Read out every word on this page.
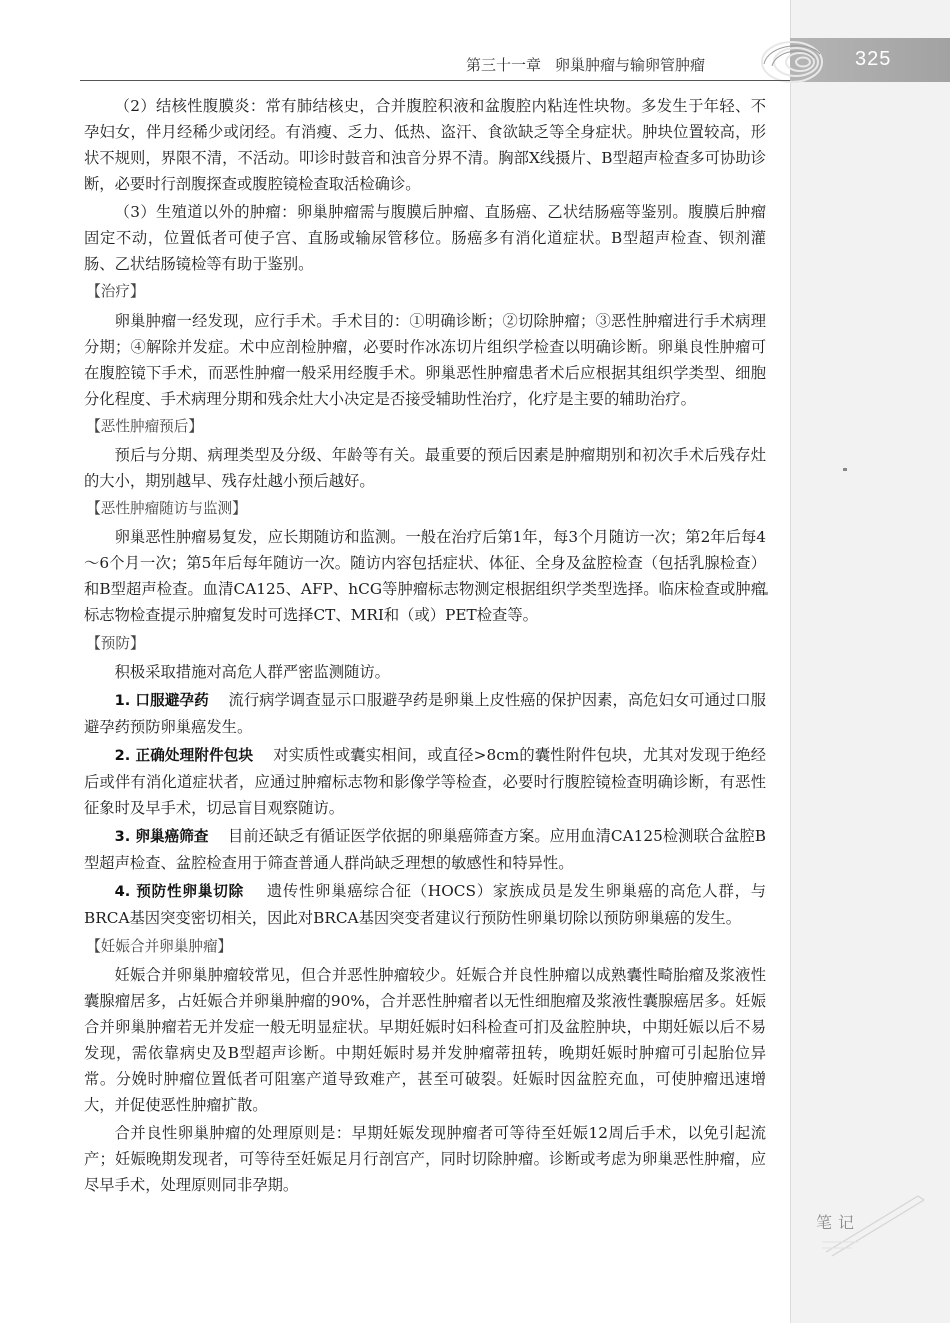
325
笔记
第三十一章 卵巢肿瘤与输卵管肿瘤

（2）结核性腹膜炎：常有肺结核史，合并腹腔积液和盆腹腔内粘连性块物。多发生于年轻、不孕妇女，伴月经稀少或闭经。有消瘦、乏力、低热、盗汗、食欲缺乏等全身症状。肿块位置较高，形状不规则，界限不清，不活动。叩诊时鼓音和浊音分界不清。胸部X线摄片、B型超声检查多可协助诊断，必要时行剖腹探查或腹腔镜检查取活检确诊。

（3）生殖道以外的肿瘤：卵巢肿瘤需与腹膜后肿瘤、直肠癌、乙状结肠癌等鉴别。腹膜后肿瘤固定不动，位置低者可使子宫、直肠或输尿管移位。肠癌多有消化道症状。B型超声检查、钡剂灌肠、乙状结肠镜检等有助于鉴别。

【治疗】

卵巢肿瘤一经发现，应行手术。手术目的：①明确诊断；②切除肿瘤；③恶性肿瘤进行手术病理分期；④解除并发症。术中应剖检肿瘤，必要时作冰冻切片组织学检查以明确诊断。卵巢良性肿瘤可在腹腔镜下手术，而恶性肿瘤一般采用经腹手术。卵巢恶性肿瘤患者术后应根据其组织学类型、细胞分化程度、手术病理分期和残余灶大小决定是否接受辅助性治疗，化疗是主要的辅助治疗。

【恶性肿瘤预后】

预后与分期、病理类型及分级、年龄等有关。最重要的预后因素是肿瘤期别和初次手术后残存灶的大小，期别越早、残存灶越小预后越好。

【恶性肿瘤随访与监测】

卵巢恶性肿瘤易复发，应长期随访和监测。一般在治疗后第1年，每3个月随访一次；第2年后每4～6个月一次；第5年后每年随访一次。随访内容包括症状、体征、全身及盆腔检查（包括乳腺检查）和B型超声检查。血清CA125、AFP、hCG等肿瘤标志物测定根据组织学类型选择。临床检查或肿瘤标志物检查提示肿瘤复发时可选择CT、MRI和（或）PET检查等。

【预防】

积极采取措施对高危人群严密监测随访。

1. 口服避孕药 流行病学调查显示口服避孕药是卵巢上皮性癌的保护因素，高危妇女可通过口服避孕药预防卵巢癌发生。

2. 正确处理附件包块 对实质性或囊实相间，或直径>8cm的囊性附件包块，尤其对发现于绝经后或伴有消化道症状者，应通过肿瘤标志物和影像学等检查，必要时行腹腔镜检查明确诊断，有恶性征象时及早手术，切忌盲目观察随访。

3. 卵巢癌筛查 目前还缺乏有循证医学依据的卵巢癌筛查方案。应用血清CA125检测联合盆腔B型超声检查、盆腔检查用于筛查普通人群尚缺乏理想的敏感性和特异性。

4. 预防性卵巢切除 遗传性卵巢癌综合征（HOCS）家族成员是发生卵巢癌的高危人群，与BRCA基因突变密切相关，因此对BRCA基因突变者建议行预防性卵巢切除以预防卵巢癌的发生。

【妊娠合并卵巢肿瘤】

妊娠合并卵巢肿瘤较常见，但合并恶性肿瘤较少。妊娠合并良性肿瘤以成熟囊性畸胎瘤及浆液性囊腺瘤居多，占妊娠合并卵巢肿瘤的90%，合并恶性肿瘤者以无性细胞瘤及浆液性囊腺癌居多。妊娠合并卵巢肿瘤若无并发症一般无明显症状。早期妊娠时妇科检查可扪及盆腔肿块，中期妊娠以后不易发现，需依靠病史及B型超声诊断。中期妊娠时易并发肿瘤蒂扭转，晚期妊娠时肿瘤可引起胎位异常。分娩时肿瘤位置低者可阻塞产道导致难产，甚至可破裂。妊娠时因盆腔充血，可使肿瘤迅速增大，并促使恶性肿瘤扩散。

合并良性卵巢肿瘤的处理原则是：早期妊娠发现肿瘤者可等待至妊娠12周后手术，以免引起流产；妊娠晚期发现者，可等待至妊娠足月行剖宫产，同时切除肿瘤。诊断或考虑为卵巢恶性肿瘤，应尽早手术，处理原则同非孕期。
